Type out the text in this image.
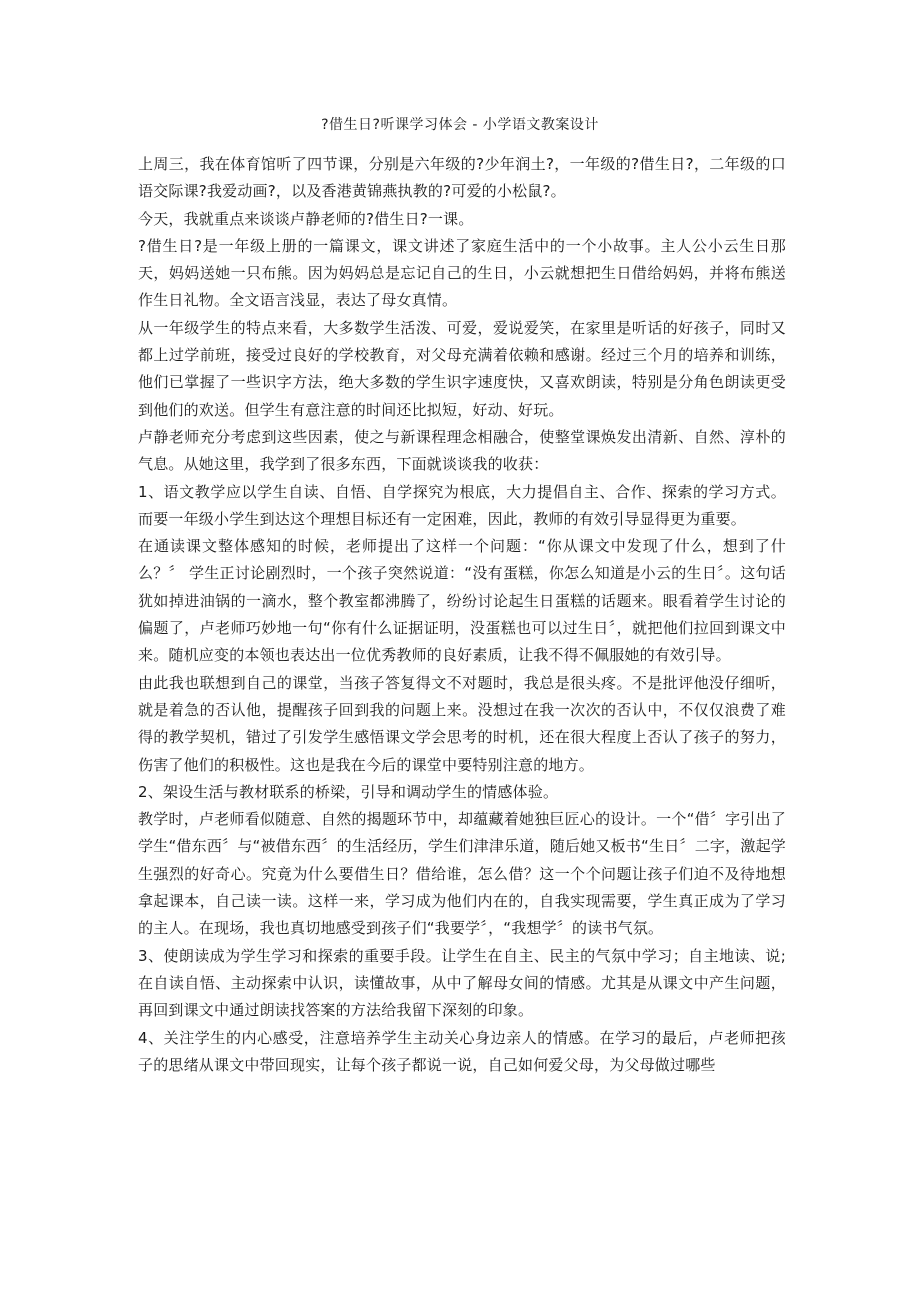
?借生日?听课学习体会 - 小学语文教案设计

上周三，我在体育馆听了四节课，分别是六年级的?少年润土?，一年级的?借生日?，二年级的口语交际课?我爱动画?，以及香港黄锦燕执教的?可爱的小松鼠?。

今天，我就重点来谈谈卢静老师的?借生日?一课。

?借生日?是一年级上册的一篇课文，课文讲述了家庭生活中的一个小故事。主人公小云生日那天，妈妈送她一只布熊。因为妈妈总是忘记自己的生日，小云就想把生日借给妈妈，并将布熊送作生日礼物。全文语言浅显，表达了母女真情。

从一年级学生的特点来看，大多数学生活泼、可爱，爱说爱笑，在家里是听话的好孩子，同时又都上过学前班，接受过良好的学校教育，对父母充满着依赖和感谢。经过三个月的培养和训练，他们已掌握了一些识字方法，绝大多数的学生识字速度快，又喜欢朗读，特别是分角色朗读更受到他们的欢送。但学生有意注意的时间还比拟短，好动、好玩。

卢静老师充分考虑到这些因素，使之与新课程理念相融合，使整堂课焕发出清新、自然、淳朴的气息。从她这里，我学到了很多东西，下面就谈谈我的收获：

1、语文教学应以学生自读、自悟、自学探究为根底，大力提倡自主、合作、探索的学习方式。而要一年级小学生到达这个理想目标还有一定困难，因此，教师的有效引导显得更为重要。

在通读课文整体感知的时候，老师提出了这样一个问题：“你从课文中发现了什么，想到了什么？〞 学生正讨论剧烈时，一个孩子突然说道：“没有蛋糕，你怎么知道是小云的生日〞。这句话犹如掉进油锅的一滴水，整个教室都沸腾了，纷纷讨论起生日蛋糕的话题来。眼看着学生讨论的偏题了，卢老师巧妙地一句“你有什么证据证明，没蛋糕也可以过生日〞，就把他们拉回到课文中来。随机应变的本领也表达出一位优秀教师的良好素质，让我不得不佩服她的有效引导。

由此我也联想到自己的课堂，当孩子答复得文不对题时，我总是很头疼。不是批评他没仔细听，就是着急的否认他，提醒孩子回到我的问题上来。没想过在我一次次的否认中，不仅仅浪费了难得的教学契机，错过了引发学生感悟课文学会思考的时机，还在很大程度上否认了孩子的努力，伤害了他们的积极性。这也是我在今后的课堂中要特别注意的地方。

2、架设生活与教材联系的桥梁，引导和调动学生的情感体验。

教学时，卢老师看似随意、自然的揭题环节中，却蕴藏着她独巨匠心的设计。一个“借〞字引出了学生“借东西〞与“被借东西〞的生活经历，学生们津津乐道，随后她又板书“生日〞二字，激起学生强烈的好奇心。究竟为什么要借生日？借给谁，怎么借？这一个个问题让孩子们迫不及待地想拿起课本，自己读一读。这样一来，学习成为他们内在的，自我实现需要，学生真正成为了学习的主人。在现场，我也真切地感受到孩子们“我要学〞，“我想学〞的读书气氛。

3、使朗读成为学生学习和探索的重要手段。让学生在自主、民主的气氛中学习；自主地读、说; 在自读自悟、主动探索中认识，读懂故事，从中了解母女间的情感。尤其是从课文中产生问题，再回到课文中通过朗读找答案的方法给我留下深刻的印象。

4、关注学生的内心感受，注意培养学生主动关心身边亲人的情感。在学习的最后，卢老师把孩子的思绪从课文中带回现实，让每个孩子都说一说，自己如何爱父母，为父母做过哪些
